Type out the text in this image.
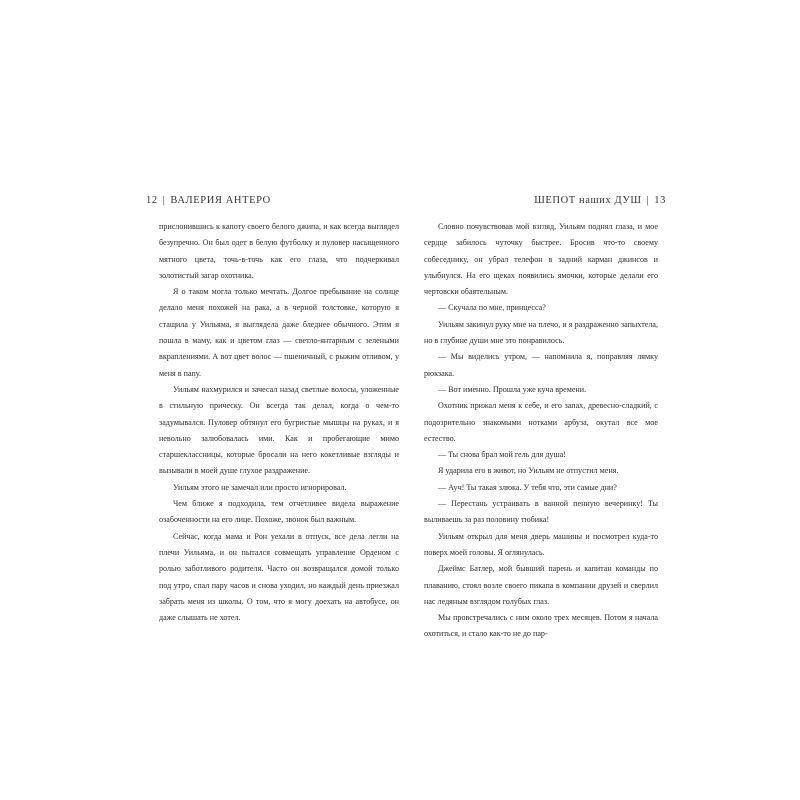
12 | ВАЛЕРИЯ АНТЕРО	ШЕПОТ наших ДУШ | 13

прислонившись к капоту своего белого джипа, и как всегда выглядел безупречно. Он был одет в белую футболку и пуловер насыщенного мятного цвета, точь-в-точь как его глаза, что подчеркивал золотистый загар охотника.

Я о таком могла только мечтать. Долгое пребывание на солнце делало меня похожей на рака, а в черной толстовке, которую я стащила у Уильяма, я выглядела даже бледнее обычного. Этим я пошла в маму, как и цветом глаз — светло-янтарным с зелеными вкраплениями. А вот цвет волос — пшеничный, с рыжим отливом, у меня в папу.

Уильям нахмурился и зачесал назад светлые волосы, уложенные в стильную прическу. Он всегда так делал, когда о чем-то задумывался. Пуловер обтянул его бугристые мышцы на руках, и я невольно залюбовалась ими. Как и пробегающие мимо старшеклассницы, которые бросали на него кокетливые взгляды и вызывали в моей душе глухое раздражение.

Уильям этого не замечал или просто игнорировал.

Чем ближе я подходила, тем отчетливее видела выражение озабоченности на его лице. Похоже, звонок был важным.

Сейчас, когда мама и Рон уехали в отпуск, все дела легли на плечи Уильяма, и он пытался совмещать управление Орденом с ролью заботливого родителя. Часто он возвращался домой только под утро, спал пару часов и снова уходил, но каждый день приезжал забрать меня из школы. О том, что я могу доехать на автобусе, он даже слышать не хотел.

Словно почувствовав мой взгляд, Уильям поднял глаза, и мое сердце забилось чуточку быстрее. Бросив что-то своему собеседнику, он убрал телефон в задний карман джинсов и улыбнулся. На его щеках появились ямочки, которые делали его чертовски обаятельным.

— Скучала по мне, принцесса?

Уильям закинул руку мне на плечо, и я раздраженно запыхтела, но в глубине души мне это понравилось.

— Мы виделись утром, — напомнила я, поправляя лямку рюкзака.

— Вот именно. Прошла уже куча времени.

Охотник прижал меня к себе, и его запах, древесно-сладкий, с подозрительно знакомыми нотками арбуза, окутал все мое естество.

— Ты снова брал мой гель для душа!

Я ударила его в живот, но Уильям не отпустил меня.

— Ауч! Ты такая злюка. У тебя что, эти самые дни?

— Перестань устраивать в ванной пенную вечеринку! Ты выливаешь за раз половину тюбика!

Уильям открыл для меня дверь машины и посмотрел куда-то поверх моей головы. Я оглянулась.

Джеймс Батлер, мой бывший парень и капитан команды по плаванию, стоял возле своего пикапа в компании друзей и сверлил нас ледяным взглядом голубых глаз.

Мы провстречались с ним около трех месяцев. Потом я начала охотиться, и стало как-то не до пар-
